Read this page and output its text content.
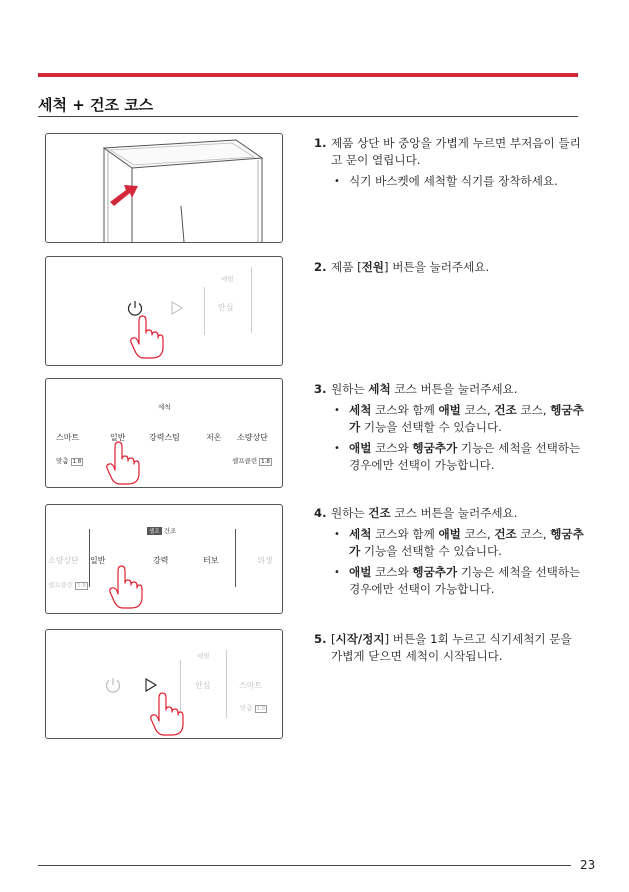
세척 + 건조 코스
애벌
안심
세척
스마트	일반	강력스팀	저온 소량상단
맞춤 1.8	셀프클린 1.8
셀프 건조
소량상단 일반	강력	터보	위생
셀프클린 1.8
애벌
안심	스마트
맞춤 1.8
1. 제품 상단 바 중앙을 가볍게 누르면 부저음이 들리고 문이 열립니다.
• 식기 바스켓에 세척할 식기를 장착하세요.
2. 제품 [전원] 버튼을 눌러주세요.
3. 원하는 세척 코스 버튼을 눌러주세요.
• 세척 코스와 함께 애벌 코스, 건조 코스, 헹굼추가 기능을 선택할 수 있습니다.
• 애벌 코스와 헹굼추가 기능은 세척을 선택하는 경우에만 선택이 가능합니다.
4. 원하는 건조 코스 버튼을 눌러주세요.
• 세척 코스와 함께 애벌 코스, 건조 코스, 헹굼추가 기능을 선택할 수 있습니다.
• 애벌 코스와 헹굼추가 기능은 세척을 선택하는 경우에만 선택이 가능합니다.
5. [시작/정지] 버튼을 1회 누르고 식기세척기 문을 가볍게 닫으면 세척이 시작됩니다.
23
